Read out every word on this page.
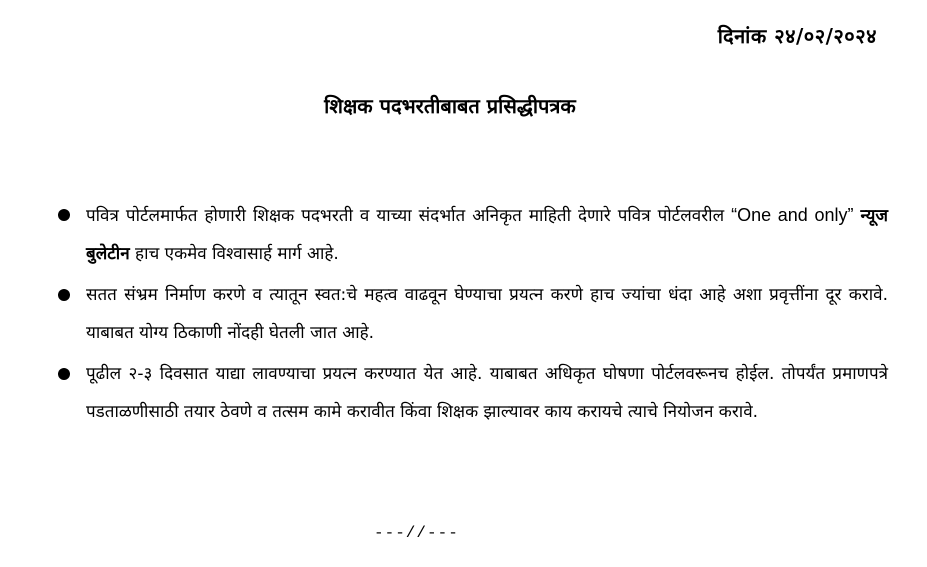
दिनांक २४/०२/२०२४
शिक्षक पदभरतीबाबत प्रसिद्धीपत्रक
पवित्र पोर्टलमार्फत होणारी शिक्षक पदभरती व याच्या संदर्भात अनिकृत माहिती देणारे पवित्र पोर्टलवरील “One and only” न्यूज बुलेटीन हाच एकमेव विश्वासार्ह मार्ग आहे.
सतत संभ्रम निर्माण करणे व त्यातून स्वत:चे महत्व वाढवून घेण्याचा प्रयत्न करणे हाच ज्यांचा धंदा आहे अशा प्रवृत्तींना दूर करावे. याबाबत योग्य ठिकाणी नोंदही घेतली जात आहे.
पूढील २-३ दिवसात याद्या लावण्याचा प्रयत्न करण्यात येत आहे. याबाबत अधिकृत घोषणा पोर्टलवरूनच होईल. तोपर्यंत प्रमाणपत्रे पडताळणीसाठी तयार ठेवणे व तत्सम कामे करावीत किंवा शिक्षक झाल्यावर काय करायचे त्याचे नियोजन करावे.
---//---
